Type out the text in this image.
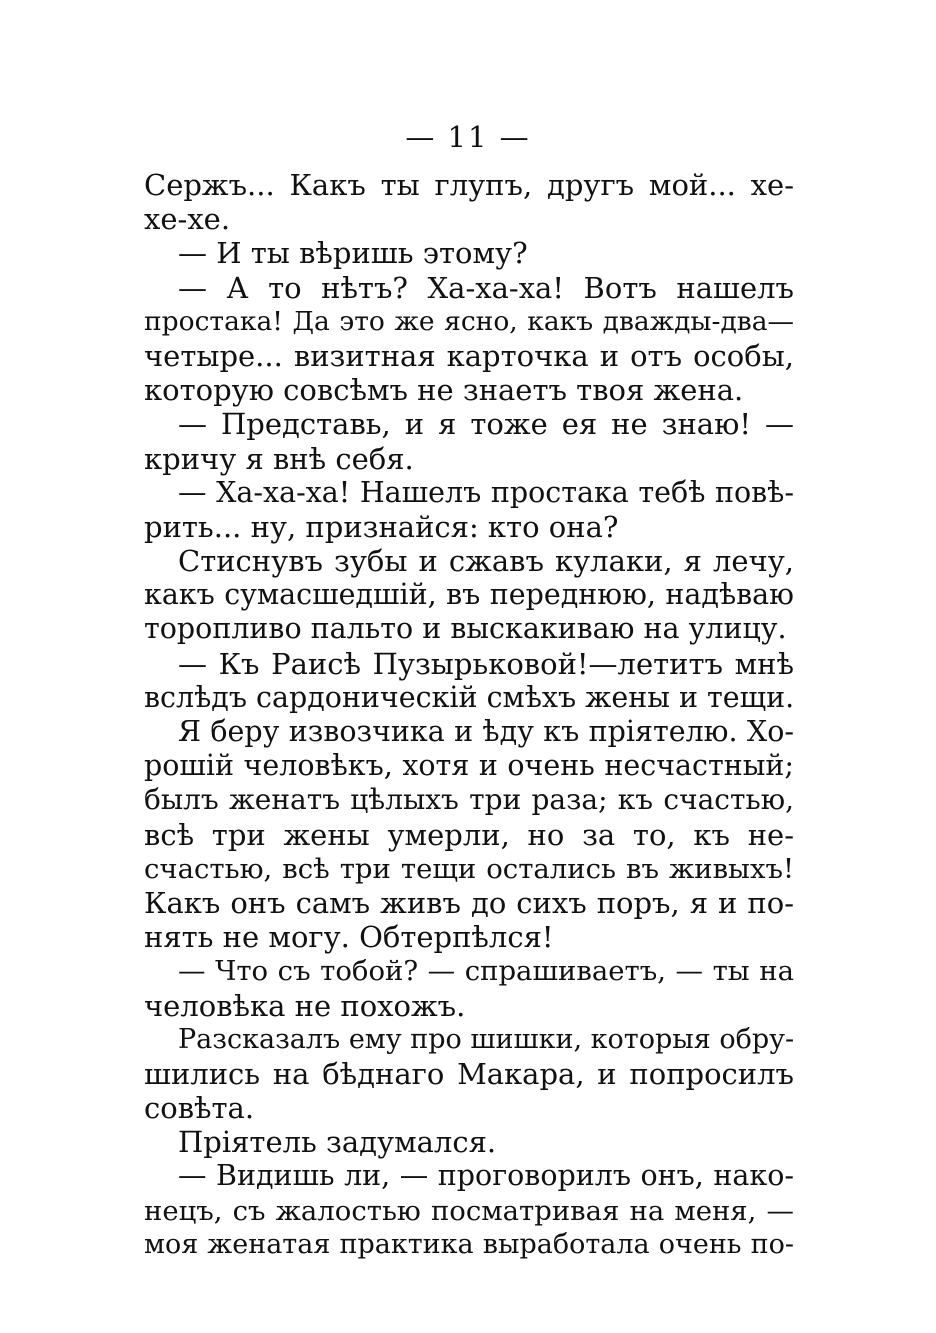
— 11 —
Сержъ... Какъ ты глупъ, другъ мой... хе-
хе-хе.
— И ты вѣришь этому?
— А то нѣтъ? Ха-ха-ха! Вотъ нашелъ
простака! Да это же ясно, какъ дважды-два—
четыре... визитная карточка и отъ особы,
которую совсѣмъ не знаетъ твоя жена.
— Представь, и я тоже ея не знаю! —
кричу я внѣ себя.
— Ха-ха-ха! Нашелъ простака тебѣ повѣ-
рить... ну, признайся: кто она?
Стиснувъ зубы и сжавъ кулаки, я лечу,
какъ сумасшедшій, въ переднюю, надѣваю
торопливо пальто и выскакиваю на улицу.
— Къ Раисѣ Пузырьковой!—летитъ мнѣ
вслѣдъ сардоническій смѣхъ жены и тещи.
Я беру извозчика и ѣду къ пріятелю. Хо-
рошій человѣкъ, хотя и очень несчастный;
былъ женатъ цѣлыхъ три раза; къ счастью,
всѣ три жены умерли, но за то, къ не-
счастью, всѣ три тещи остались въ живыхъ!
Какъ онъ самъ живъ до сихъ поръ, я и по-
нять не могу. Обтерпѣлся!
— Что съ тобой? — спрашиваетъ, — ты на
человѣка не похожъ.
Разсказалъ ему про шишки, которыя обру-
шились на бѣднаго Макара, и попросилъ
совѣта.
Пріятель задумался.
— Видишь ли, — проговорилъ онъ, нако-
нецъ, съ жалостью посматривая на меня, —
моя женатая практика выработала очень по-
